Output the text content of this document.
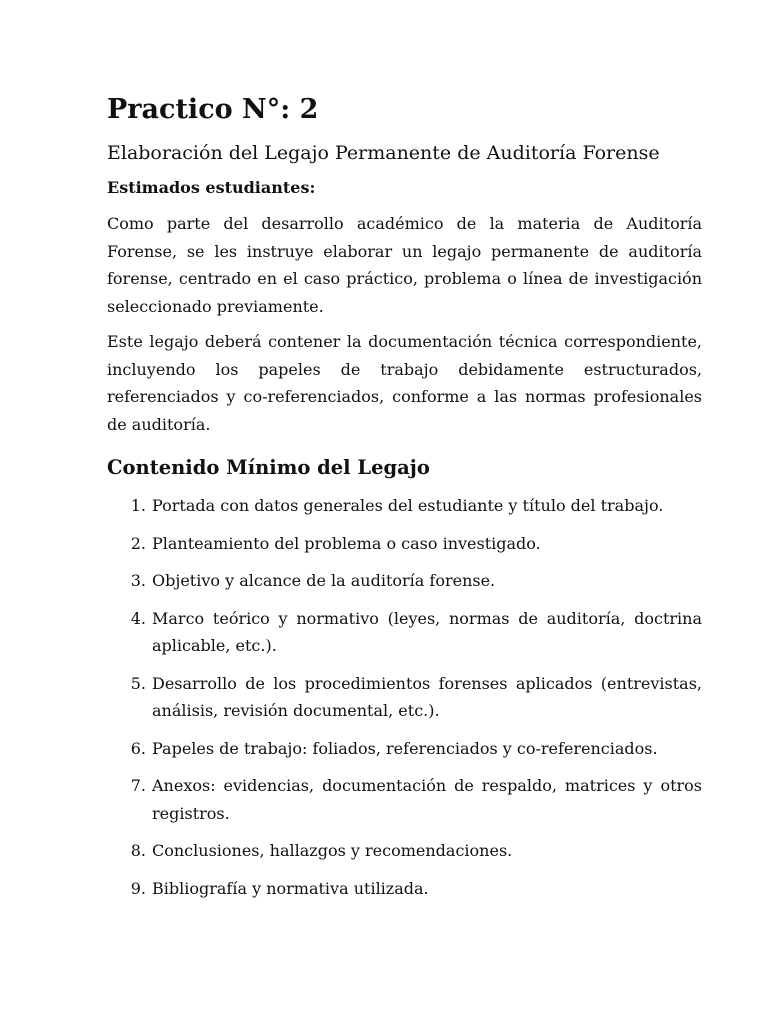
Practico N°: 2
Elaboración del Legajo Permanente de Auditoría Forense
Estimados estudiantes:

Como parte del desarrollo académico de la materia de Auditoría Forense, se les instruye elaborar un legajo permanente de auditoría forense, centrado en el caso práctico, problema o línea de investigación seleccionado previamente.

Este legajo deberá contener la documentación técnica correspondiente, incluyendo los papeles de trabajo debidamente estructurados, referenciados y co-referenciados, conforme a las normas profesionales de auditoría.

Contenido Mínimo del Legajo
1. Portada con datos generales del estudiante y título del trabajo.
2. Planteamiento del problema o caso investigado.
3. Objetivo y alcance de la auditoría forense.
4. Marco teórico y normativo (leyes, normas de auditoría, doctrina aplicable, etc.).
5. Desarrollo de los procedimientos forenses aplicados (entrevistas, análisis, revisión documental, etc.).
6. Papeles de trabajo: foliados, referenciados y co-referenciados.
7. Anexos: evidencias, documentación de respaldo, matrices y otros registros.
8. Conclusiones, hallazgos y recomendaciones.
9. Bibliografía y normativa utilizada.
